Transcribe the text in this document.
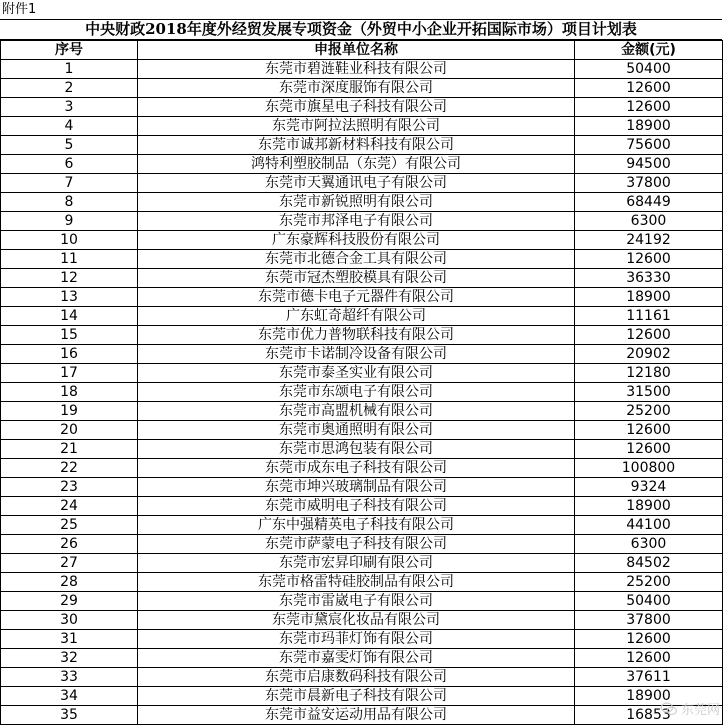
附件1
中央财政2018年度外经贸发展专项资金（外贸中小企业开拓国际市场）项目计划表
序号	申报单位名称	金额(元)
1	东莞市碧涟鞋业科技有限公司	50400
2	东莞市深度服饰有限公司	12600
3	东莞市旗星电子科技有限公司	12600
4	东莞市阿拉法照明有限公司	18900
5	东莞市诚邦新材料科技有限公司	75600
6	鸿特利塑胶制品（东莞）有限公司	94500
7	东莞市天翼通讯电子有限公司	37800
8	东莞市新锐照明有限公司	68449
9	东莞市邦泽电子有限公司	6300
10	广东豪辉科技股份有限公司	24192
11	东莞市北德合金工具有限公司	12600
12	东莞市冠杰塑胶模具有限公司	36330
13	东莞市德卡电子元器件有限公司	18900
14	广东虹奇超纤有限公司	11161
15	东莞市优力普物联科技有限公司	12600
16	东莞市卡诺制冷设备有限公司	20902
17	东莞市泰圣实业有限公司	12180
18	东莞市东颂电子有限公司	31500
19	东莞市高盟机械有限公司	25200
20	东莞市奥通照明有限公司	12600
21	东莞市思鸿包装有限公司	12600
22	东莞市成东电子科技有限公司	100800
23	东莞市坤兴玻璃制品有限公司	9324
24	东莞市威明电子科技有限公司	18900
25	广东中强精英电子科技有限公司	44100
26	东莞市萨蒙电子科技有限公司	6300
27	东莞市宏昇印刷有限公司	84502
28	东莞市格雷特硅胶制品有限公司	25200
29	东莞市雷崴电子有限公司	50400
30	东莞市黛宸化妆品有限公司	37800
31	东莞市玛菲灯饰有限公司	12600
32	东莞市嘉雯灯饰有限公司	12600
33	东莞市启康数码科技有限公司	37611
34	东莞市晨新电子科技有限公司	18900
35	东莞市益安运动用品有限公司	16853 东莞网
